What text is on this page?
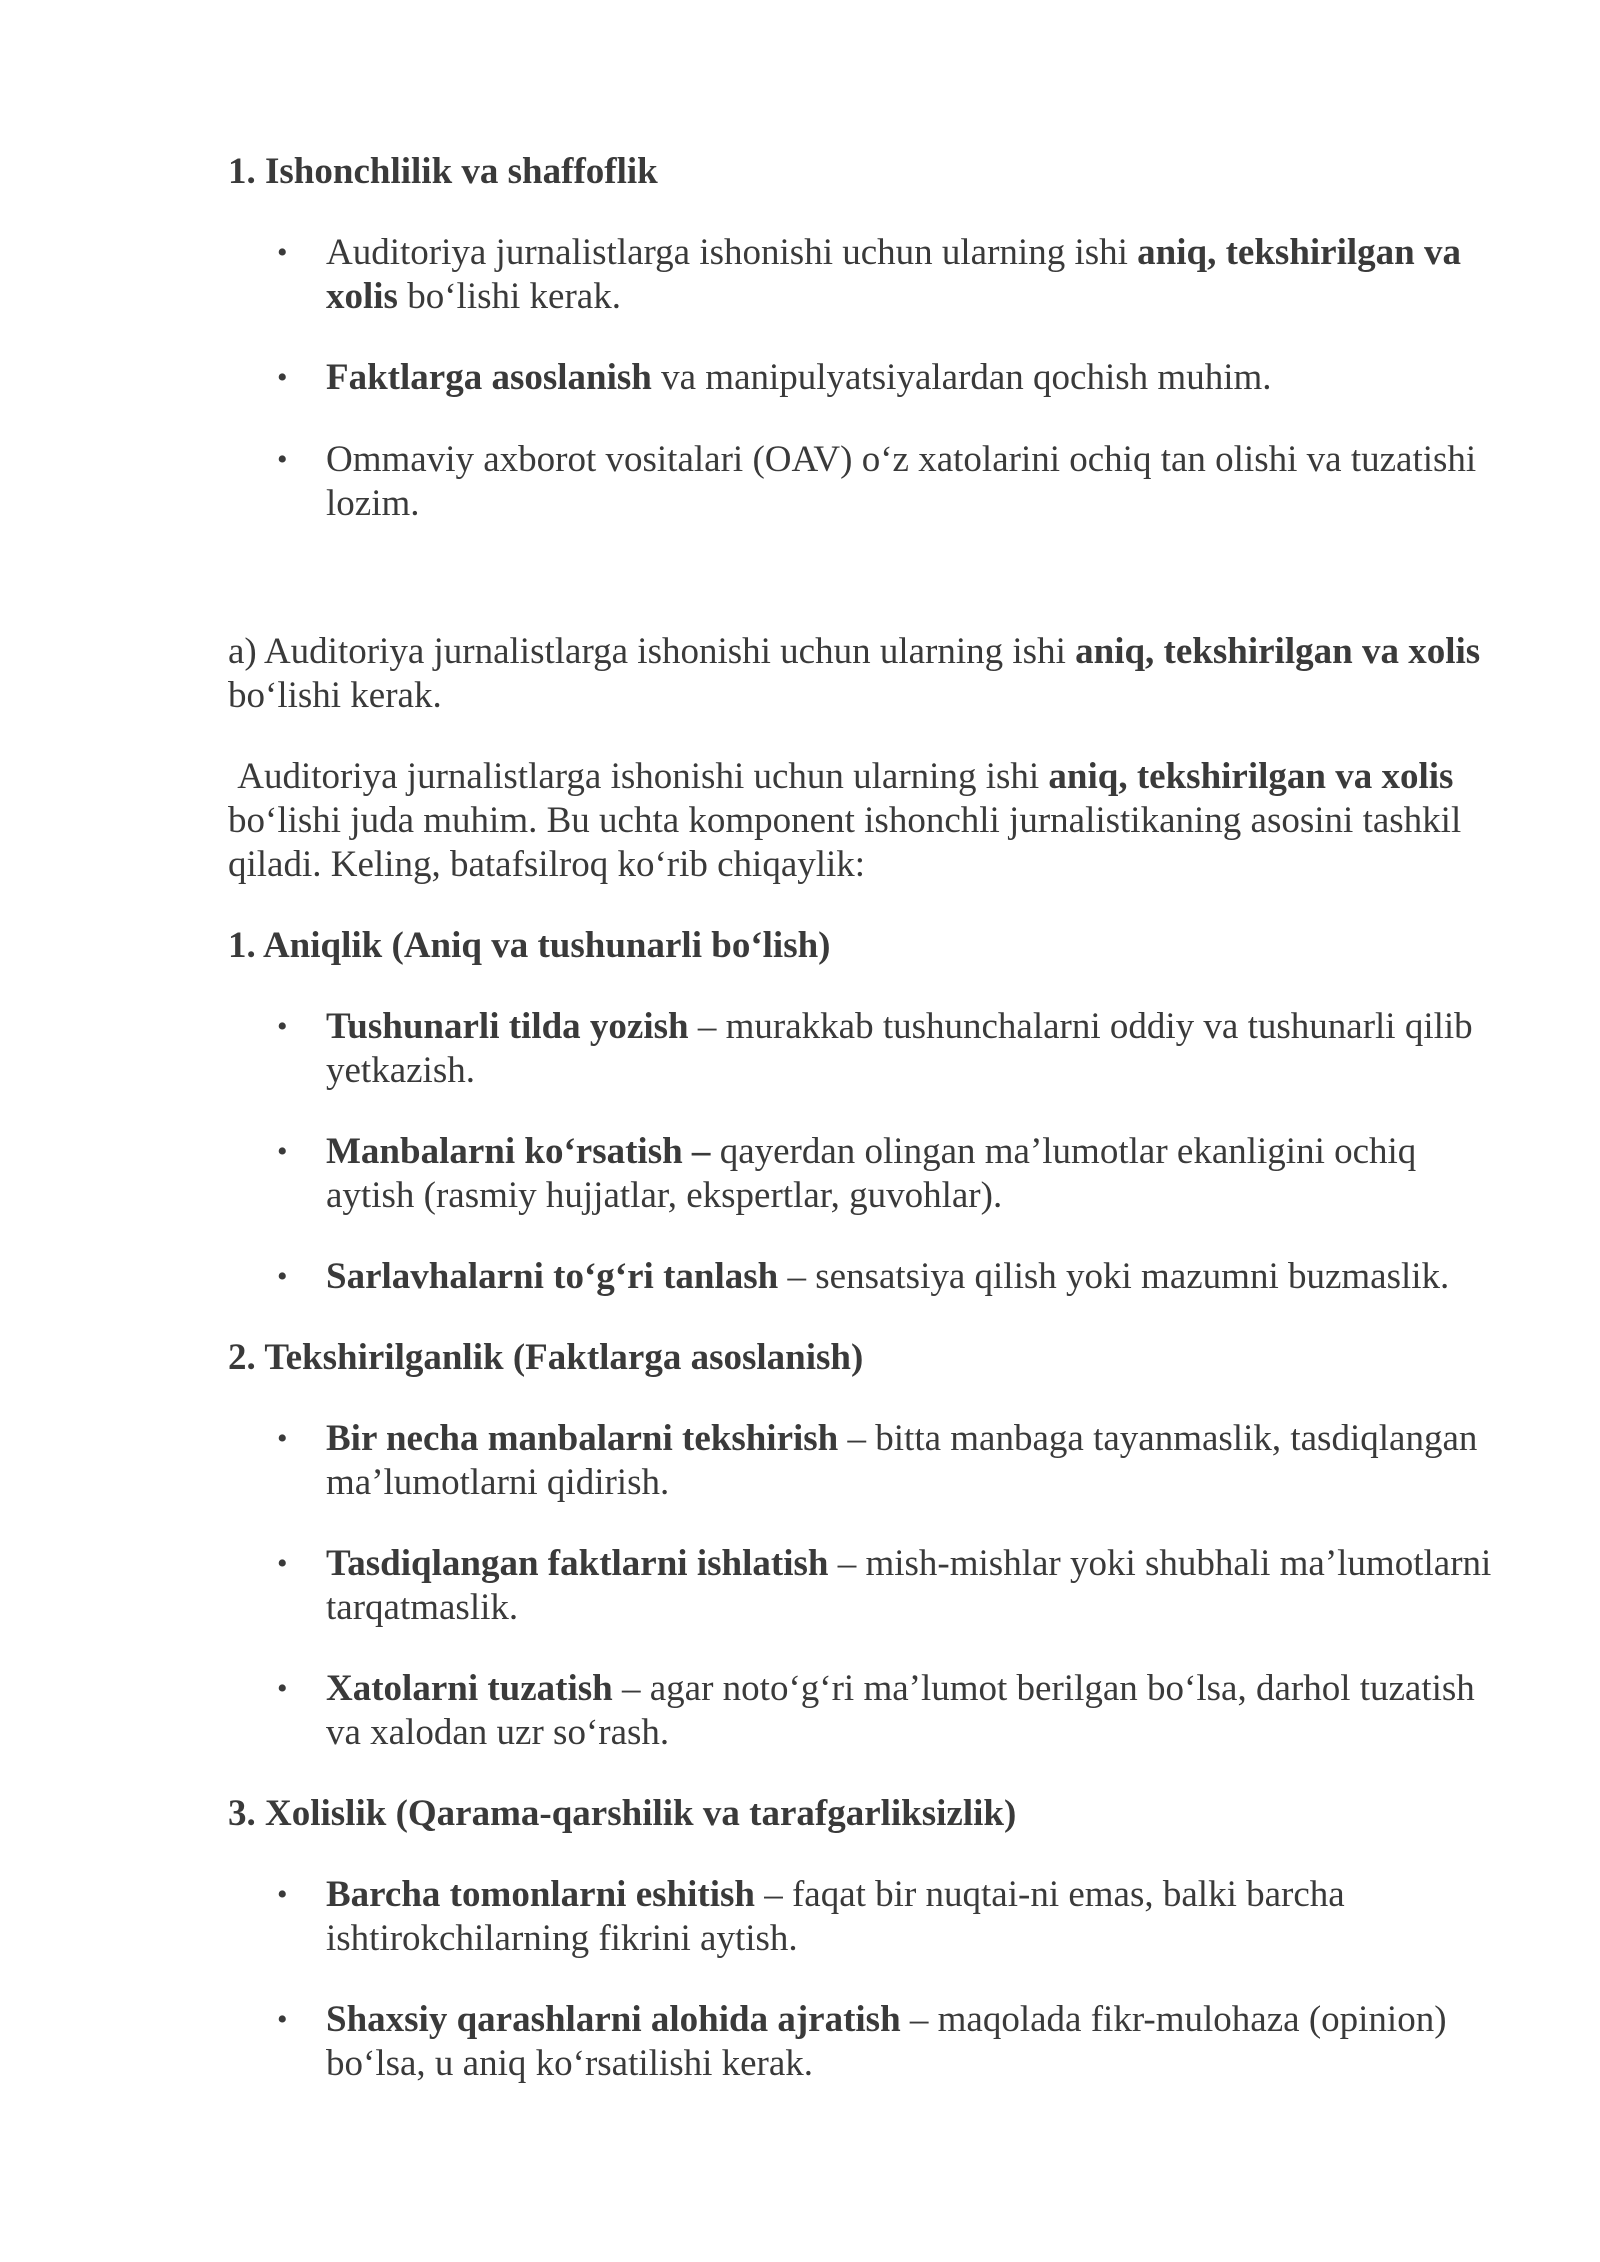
1. Ishonchlilik va shaffoflik

• Auditoriya jurnalistlarga ishonishi uchun ularning ishi aniq, tekshirilgan va xolis bo‘lishi kerak.
• Faktlarga asoslanish va manipulyatsiyalardan qochish muhim.
• Ommaviy axborot vositalari (OAV) o‘z xatolarini ochiq tan olishi va tuzatishi lozim.

a) Auditoriya jurnalistlarga ishonishi uchun ularning ishi aniq, tekshirilgan va xolis bo‘lishi kerak.

Auditoriya jurnalistlarga ishonishi uchun ularning ishi aniq, tekshirilgan va xolis bo‘lishi juda muhim. Bu uchta komponent ishonchli jurnalistikaning asosini tashkil qiladi. Keling, batafsilroq ko‘rib chiqaylik:

1. Aniqlik (Aniq va tushunarli bo‘lish)

• Tushunarli tilda yozish – murakkab tushunchalarni oddiy va tushunarli qilib yetkazish.
• Manbalarni ko‘rsatish – qayerdan olingan ma’lumotlar ekanligini ochiq aytish (rasmiy hujjatlar, ekspertlar, guvohlar).
• Sarlavhalarni to‘g‘ri tanlash – sensatsiya qilish yoki mazumni buzmaslik.

2. Tekshirilganlik (Faktlarga asoslanish)

• Bir necha manbalarni tekshirish – bitta manbaga tayanmaslik, tasdiqlangan ma’lumotlarni qidirish.
• Tasdiqlangan faktlarni ishlatish – mish-mishlar yoki shubhali ma’lumotlarni tarqatmaslik.
• Xatolarni tuzatish – agar noto‘g‘ri ma’lumot berilgan bo‘lsa, darhol tuzatish va xalodan uzr so‘rash.

3. Xolislik (Qarama-qarshilik va tarafgarliksizlik)

• Barcha tomonlarni eshitish – faqat bir nuqtai-ni emas, balki barcha ishtirokchilarning fikrini aytish.
• Shaxsiy qarashlarni alohida ajratish – maqolada fikr-mulohaza (opinion) bo‘lsa, u aniq ko‘rsatilishi kerak.
